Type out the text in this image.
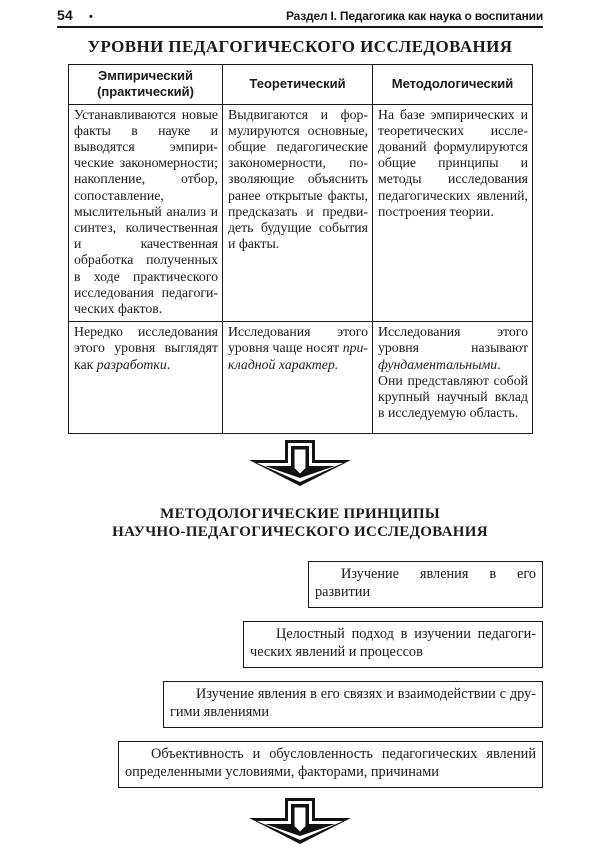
54 •	Раздел I. Педагогика как наука о воспитании
УРОВНИ ПЕДАГОГИЧЕСКОГО ИССЛЕДОВАНИЯ
Эмпирический (практический)	Теоретический	Методологический
Устанавливаются новые факты в науке и выводятся эмпирические закономерности; накопление, отбор, сопоставление, мыслительный анализ и синтез, количественная и качественная обработка полученных в ходе практического исследования педагогических фактов.	Выдвигаются и формулируются основные, общие педагогические закономерности, позволяющие объяснить ранее открытые факты, предсказать и предвидеть будущие события и факты.	На базе эмпирических и теоретических исследований формулируются общие принципы и методы исследования педагогических явлений, построения теории.
Нередко исследования этого уровня выглядят как разработки.	Исследования этого уровня чаще носят прикладной характер.	Исследования этого уровня называют фундаментальными. Они представляют собой крупный научный вклад в исследуемую область.
МЕТОДОЛОГИЧЕСКИЕ ПРИНЦИПЫ
НАУЧНО-ПЕДАГОГИЧЕСКОГО ИССЛЕДОВАНИЯ
Изучение явления в его развитии
Целостный подход в изучении педагогических явлений и процессов
Изучение явления в его связях и взаимодействии с другими явлениями
Объективность и обусловленность педагогических явлений определенными условиями, факторами, причинами
